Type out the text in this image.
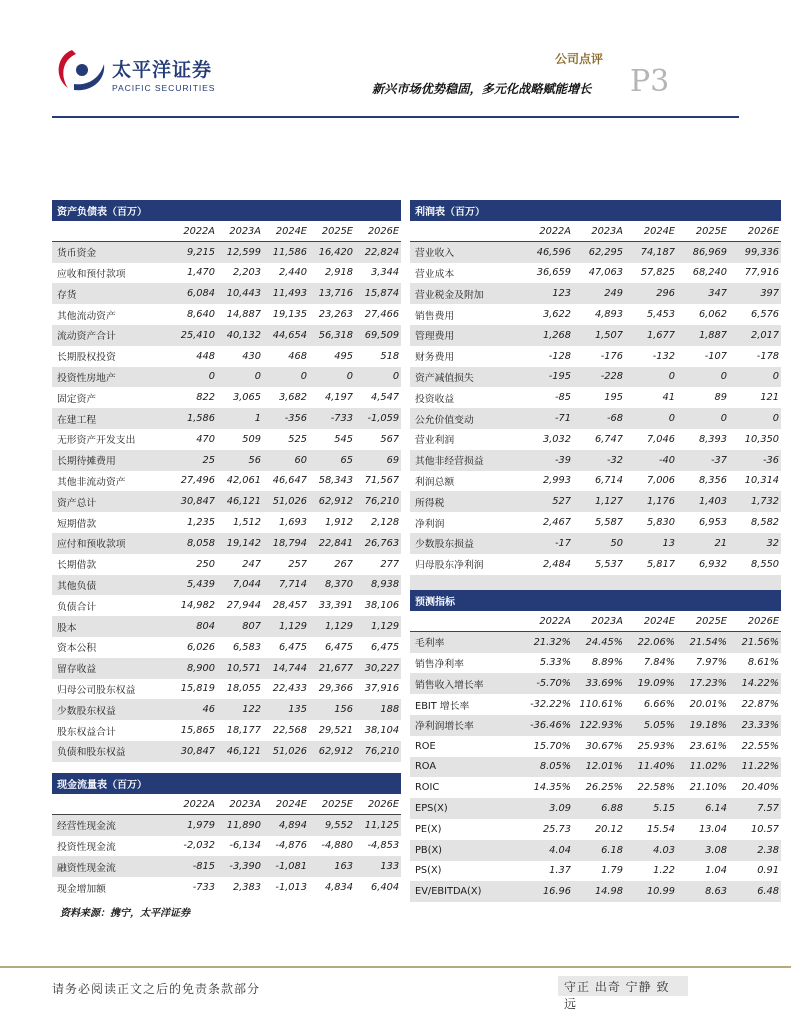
太平洋证券
PACIFIC SECURITIES
公司点评
新兴市场优势稳固，多元化战略赋能增长 P3
资产负债表（百万）					
	2022A	2023A	2024E	2025E	2026E
货币资金	9,215	12,599	11,586	16,420	22,824
应收和预付款项	1,470	2,203	2,440	2,918	3,344
存货	6,084	10,443	11,493	13,716	15,874
其他流动资产	8,640	14,887	19,135	23,263	27,466
流动资产合计	25,410	40,132	44,654	56,318	69,509
长期股权投资	448	430	468	495	518
投资性房地产	0	0	0	0	0
固定资产	822	3,065	3,682	4,197	4,547
在建工程	1,586	1	-356	-733	-1,059
无形资产开发支出	470	509	525	545	567
长期待摊费用	25	56	60	65	69
其他非流动资产	27,496	42,061	46,647	58,343	71,567
资产总计	30,847	46,121	51,026	62,912	76,210
短期借款	1,235	1,512	1,693	1,912	2,128
应付和预收款项	8,058	19,142	18,794	22,841	26,763
长期借款	250	247	257	267	277
其他负债	5,439	7,044	7,714	8,370	8,938
负债合计	14,982	27,944	28,457	33,391	38,106
股本	804	807	1,129	1,129	1,129
资本公积	6,026	6,583	6,475	6,475	6,475
留存收益	8,900	10,571	14,744	21,677	30,227
归母公司股东权益	15,819	18,055	22,433	29,366	37,916
少数股东权益	46	122	135	156	188
股东权益合计	15,865	18,177	22,568	29,521	38,104
负债和股东权益	30,847	46,121	51,026	62,912	76,210
现金流量表（百万）					
	2022A	2023A	2024E	2025E	2026E
经营性现金流	1,979	11,890	4,894	9,552	11,125
投资性现金流	-2,032	-6,134	-4,876	-4,880	-4,853
融资性现金流	-815	-3,390	-1,081	163	133
现金增加额	-733	2,383	-1,013	4,834	6,404
利润表（百万）					
	2022A	2023A	2024E	2025E	2026E
营业收入	46,596	62,295	74,187	86,969	99,336
营业成本	36,659	47,063	57,825	68,240	77,916
营业税金及附加	123	249	296	347	397
销售费用	3,622	4,893	5,453	6,062	6,576
管理费用	1,268	1,507	1,677	1,887	2,017
财务费用	-128	-176	-132	-107	-178
资产减值损失	-195	-228	0	0	0
投资收益	-85	195	41	89	121
公允价值变动	-71	-68	0	0	0
营业利润	3,032	6,747	7,046	8,393	10,350
其他非经营损益	-39	-32	-40	-37	-36
利润总额	2,993	6,714	7,006	8,356	10,314
所得税	527	1,127	1,176	1,403	1,732
净利润	2,467	5,587	5,830	6,953	8,582
少数股东损益	-17	50	13	21	32
归母股东净利润	2,484	5,537	5,817	6,932	8,550

预测指标					
	2022A	2023A	2024E	2025E	2026E
毛利率	21.32%	24.45%	22.06%	21.54%	21.56%
销售净利率	5.33%	8.89%	7.84%	7.97%	8.61%
销售收入增长率	-5.70%	33.69%	19.09%	17.23%	14.22%
EBIT 增长率	-32.22%	110.61%	6.66%	20.01%	22.87%
净利润增长率	-36.46%	122.93%	5.05%	19.18%	23.33%
ROE	15.70%	30.67%	25.93%	23.61%	22.55%
ROA	8.05%	12.01%	11.40%	11.02%	11.22%
ROIC	14.35%	26.25%	22.58%	21.10%	20.40%
EPS(X)	3.09	6.88	5.15	6.14	7.57
PE(X)	25.73	20.12	15.54	13.04	10.57
PB(X)	4.04	6.18	4.03	3.08	2.38
PS(X)	1.37	1.79	1.22	1.04	0.91
EV/EBITDA(X)	16.96	14.98	10.99	8.63	6.48
资料来源：携宁，太平洋证券
请务必阅读正文之后的免责条款部分	守正 出奇 宁静 致远
